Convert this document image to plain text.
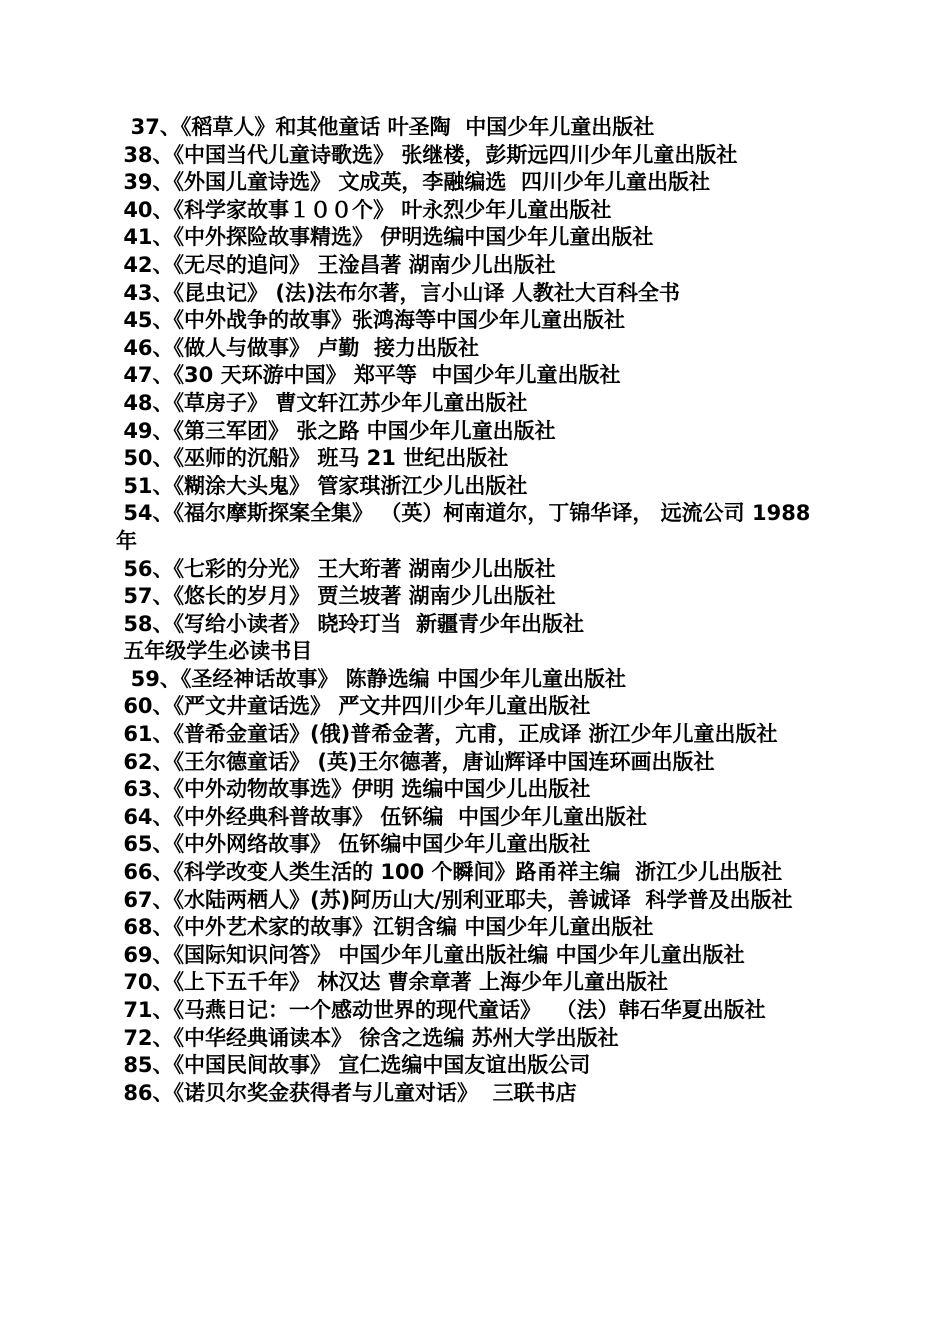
37、《稻草人》和其他童话 叶圣陶  中国少年儿童出版社

38、《中国当代儿童诗歌选》 张继楼，彭斯远四川少年儿童出版社

39、《外国儿童诗选》 文成英，李融编选  四川少年儿童出版社

40、《科学家故事１００个》 叶永烈少年儿童出版社

41、《中外探险故事精选》 伊明选编中国少年儿童出版社

42、《无尽的追问》 王淦昌著 湖南少儿出版社

43、《昆虫记》 (法)法布尔著，言小山译 人教社大百科全书

45、《中外战争的故事》张鸿海等中国少年儿童出版社

46、《做人与做事》 卢勤  接力出版社

47、《30 天环游中国》 郑平等  中国少年儿童出版社

48、《草房子》 曹文轩江苏少年儿童出版社

49、《第三军团》 张之路 中国少年儿童出版社

50、《巫师的沉船》 班马 21 世纪出版社

51、《糊涂大头鬼》 管家琪浙江少儿出版社

54、《福尔摩斯探案全集》 （英）柯南道尔，丁锦华译， 远流公司 1988 年

56、《七彩的分光》 王大珩著 湖南少儿出版社

57、《悠长的岁月》 贾兰坡著 湖南少儿出版社

58、《写给小读者》 晓玲玎当  新疆青少年出版社

五年级学生必读书目

59、《圣经神话故事》 陈静选编 中国少年儿童出版社

60、《严文井童话选》 严文井四川少年儿童出版社

61、《普希金童话》(俄)普希金著，亢甫，正成译 浙江少年儿童出版社

62、《王尔德童话》 (英)王尔德著，唐讪辉译中国连环画出版社

63、《中外动物故事选》伊明 选编中国少儿出版社

64、《中外经典科普故事》 伍钚编  中国少年儿童出版社

65、《中外网络故事》 伍钚编中国少年儿童出版社

66、《科学改变人类生活的 100 个瞬间》路甬祥主编  浙江少儿出版社

67、《水陆两栖人》(苏)阿历山大/别利亚耶夫，善诚译  科学普及出版社

68、《中外艺术家的故事》江钥含编 中国少年儿童出版社

69、《国际知识问答》 中国少年儿童出版社编 中国少年儿童出版社

70、《上下五千年》 林汉达 曹余章著 上海少年儿童出版社

71、《马燕日记：一个感动世界的现代童话》  （法）韩石华夏出版社

72、《中华经典诵读本》 徐含之选编 苏州大学出版社

85、《中国民间故事》 宣仁选编中国友谊出版公司

86、《诺贝尔奖金获得者与儿童对话》  三联书店
